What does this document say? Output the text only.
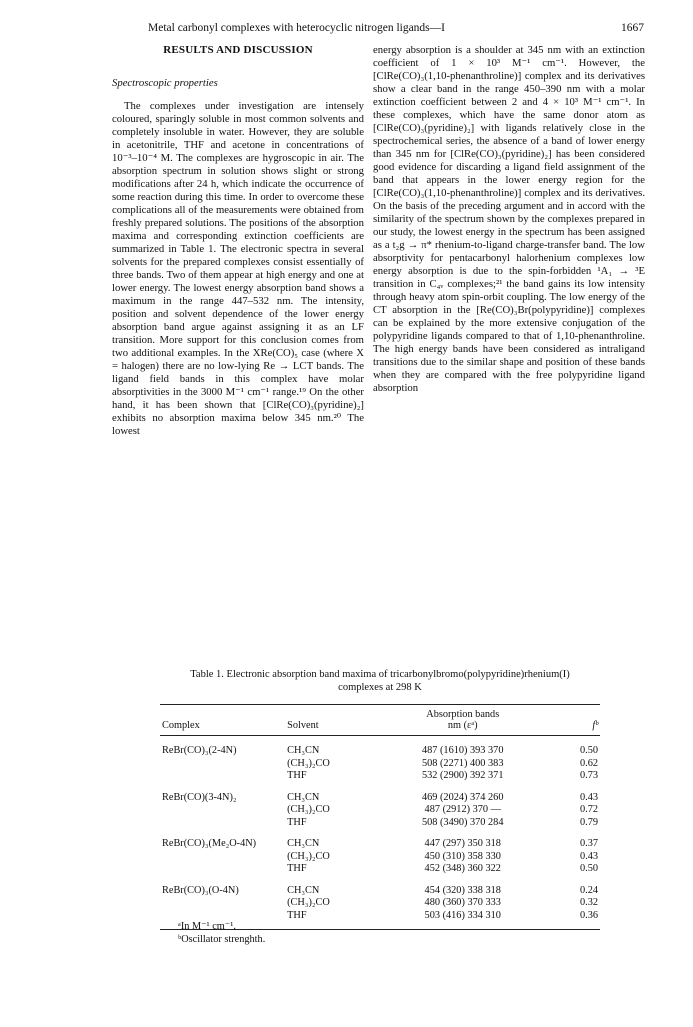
Metal carbonyl complexes with heterocyclic nitrogen ligands—I	1667
RESULTS AND DISCUSSION
Spectroscopic properties

The complexes under investigation are intensely coloured, sparingly soluble in most common solvents and completely insoluble in water. However, they are soluble in acetonitrile, THF and acetone in concentrations of 10⁻³–10⁻⁴ M. The complexes are hygroscopic in air. The absorption spectrum in solution shows slight or strong modifications after 24 h, which indicate the occurrence of some reaction during this time. In order to overcome these complications all of the measurements were obtained from freshly prepared solutions. The positions of the absorption maxima and corresponding extinction coefficients are summarized in Table 1. The electronic spectra in several solvents for the prepared complexes consist essentially of three bands. Two of them appear at high energy and one at lower energy. The lowest energy absorption band shows a maximum in the range 447–532 nm. The intensity, position and solvent dependence of the lower energy absorption band argue against assigning it as an LF transition. More support for this conclusion comes from two additional examples. In the XRe(CO)₅ case (where X = halogen) there are no low-lying Re → LCT bands. The ligand field bands in this complex have molar absorptivities in the 3000 M⁻¹ cm⁻¹ range.¹⁹ On the other hand, it has been shown that [ClRe(CO)₃(pyridine)₂] exhibits no absorption maxima below 345 nm.²⁰ The lowest

energy absorption is a shoulder at 345 nm with an extinction coefficient of 1 × 10³ M⁻¹ cm⁻¹. However, the [ClRe(CO)₃(1,10-phenanthroline)] complex and its derivatives show a clear band in the range 450–390 nm with a molar extinction coefficient between 2 and 4 × 10³ M⁻¹ cm⁻¹. In these complexes, which have the same donor atom as [ClRe(CO)₃(pyridine)₂] with ligands relatively close in the spectrochemical series, the absence of a band of lower energy than 345 nm for [ClRe(CO)₃(pyridine)₂] has been considered good evidence for discarding a ligand field assignment of the band that appears in the lower energy region for the [ClRe(CO)₃(1,10-phenanthroline)] complex and its derivatives. On the basis of the preceding argument and in accord with the similarity of the spectrum shown by the complexes prepared in our study, the lowest energy in the spectrum has been assigned as a t₂g → π* rhenium-to-ligand charge-transfer band. The low absorptivity for pentacarbonyl halorhenium complexes low energy absorption is due to the spin-forbidden ¹A₁ → ³E transition in C₄ᵥ complexes;²¹ the band gains its low intensity through heavy atom spin-orbit coupling. The low energy of the CT absorption in the [Re(CO)₃Br(polypyridine)] complexes can be explained by the more extensive conjugation of the polypyridine ligands compared to that of 1,10-phenanthroline. The high energy bands have been considered as intraligand transitions due to the similar shape and position of these bands when they are compared with the free polypyridine ligand absorption

Table 1. Electronic absorption band maxima of tricarbonylbromo(polypyridine)rhenium(I) complexes at 298 K
Complex	Solvent	Absorption bands
nm (εᵃ)	fᵇ

ReBr(CO)₃(2-4N)	CH₃CN	487 (1610) 393 370	0.50
	(CH₃)₂CO	508 (2271) 400 383	0.62
	THF	532 (2900) 392 371	0.73
ReBr(CO)(3-4N)₂	CH₃CN	469 (2024) 374 260	0.43
	(CH₃)₂CO	487 (2912) 370 —	0.72
	THF	508 (3490) 370 284	0.79
ReBr(CO)₃(Me₂O-4N)	CH₃CN	447 (297) 350 318	0.37
	(CH₃)₂CO	450 (310) 358 330	0.43
	THF	452 (348) 360 322	0.50
ReBr(CO)₃(O-4N)	CH₃CN	454 (320) 338 318	0.24
	(CH₃)₂CO	480 (360) 370 333	0.32
	THF	503 (416) 334 310	0.36

ᵃIn M⁻¹ cm⁻¹.
ᵇOscillator strenghth.
